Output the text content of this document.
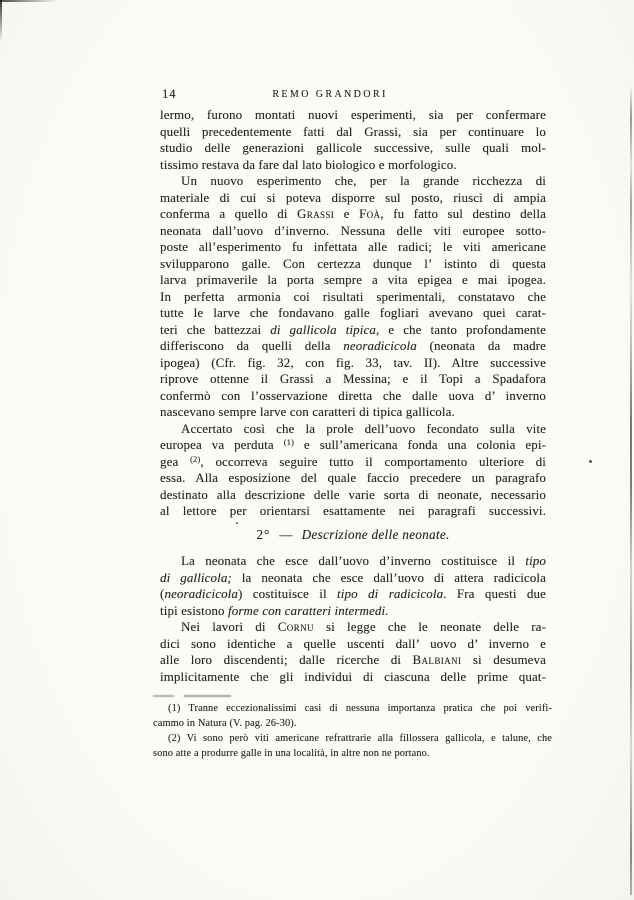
14	REMO GRANDORI
lermo, furono montati nuovi esperimenti, sia per confermare
quelli precedentemente fatti dal Grassi, sia per continuare lo
studio delle generazioni gallicole successive, sulle quali mol-
tissimo restava da fare dal lato biologico e morfologico.
Un nuovo esperimento che, per la grande ricchezza di
materiale di cui si poteva disporre sul posto, riuscì di ampia
conferma a quello di Grassi e Foà, fu fatto sul destino della
neonata dall’uovo d’inverno. Nessuna delle viti europee sotto-
poste all’esperimento fu infettata alle radici; le viti americane
svilupparono galle. Con certezza dunque l’ istinto di questa
larva primaverile la porta sempre a vita epigea e mai ipogea.
In perfetta armonia coi risultati sperimentali, constatavo che
tutte le larve che fondavano galle fogliari avevano quei carat-
teri che battezzai di gallicola tipica, e che tanto profondamente
differiscono da quelli della neoradicicola (neonata da madre
ipogea) (Cfr. fig. 32, con fig. 33, tav. II). Altre successive
riprove ottenne il Grassi a Messina; e il Topi a Spadafora
confermò con l’osservazione diretta che dalle uova d’ inverno
nascevano sempre larve con caratteri di tipica gallicola.
Accertato così che la prole dell’uovo fecondato sulla vite
europea va perduta $^{(1)}$ e sull’americana fonda una colonia epi-
gea $^{(2)}$, occorreva seguire tutto il comportamento ulteriore di
essa. Alla esposizione del quale faccio precedere un paragrafo
destinato alla descrizione delle varie sorta di neonate, necessario
al lettore per orientarsi esattamente nei paragrafi successivi.
2° — Descrizione delle neonate.
La neonata che esce dall’uovo d’inverno costituisce il tipo
di gallicola; la neonata che esce dall’uovo di attera radicicola
(neoradicicola) costituisce il tipo di radicicola. Fra questi due
tipi esistono forme con caratteri intermedi.
Nei lavori di Cornu si legge che le neonate delle ra-
dici sono identiche a quelle uscenti dall’ uovo d’ inverno e
alle loro discendenti; dalle ricerche di Balbiani si desumeva
implicitamente che gli individui di ciascuna delle prime quat-
(1) Tranne eccezionalissimi casi di nessuna importanza pratica che poi verifi-
cammo in Natura (V. pag. 26-30).
(2) Vi sono però viti americane refrattrarie alla fillossera gallicola, e talune, che
sono atte a produrre galle in una località, in altre non ne portano.
